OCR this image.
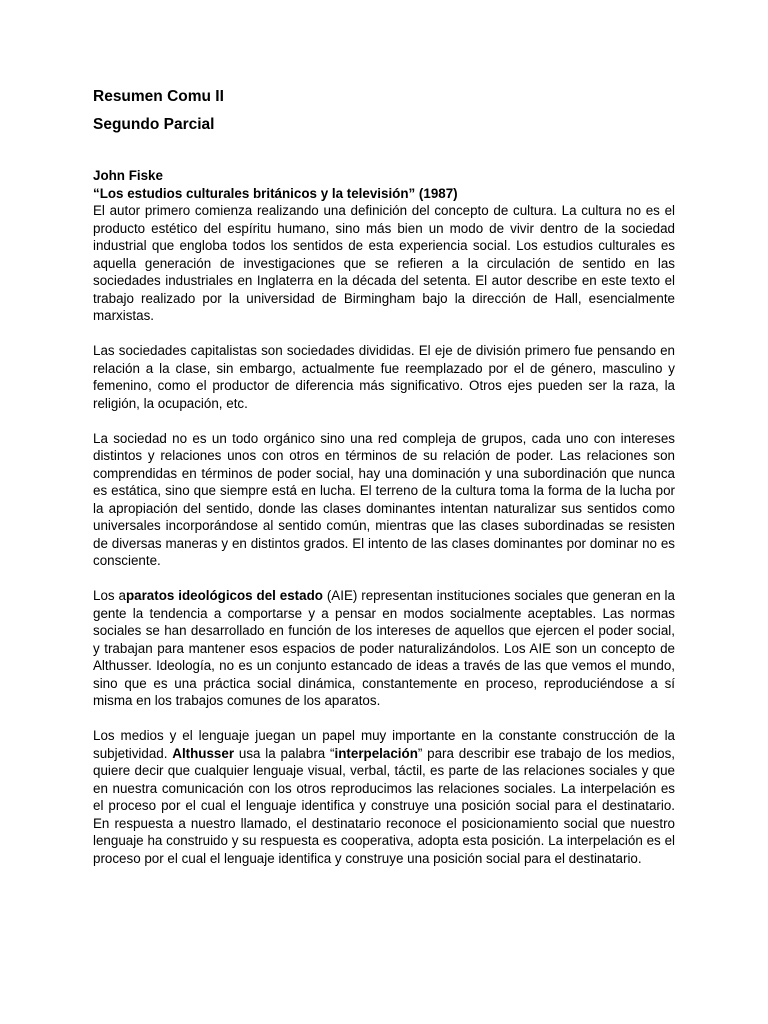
Resumen Comu II
Segundo Parcial

John Fiske

“Los estudios culturales británicos y la televisión” (1987)

El autor primero comienza realizando una definición del concepto de cultura. La cultura no es el producto estético del espíritu humano, sino más bien un modo de vivir dentro de la sociedad industrial que engloba todos los sentidos de esta experiencia social. Los estudios culturales es aquella generación de investigaciones que se refieren a la circulación de sentido en las sociedades industriales en Inglaterra en la década del setenta. El autor describe en este texto el trabajo realizado por la universidad de Birmingham bajo la dirección de Hall, esencialmente marxistas.

Las sociedades capitalistas son sociedades divididas. El eje de división primero fue pensando en relación a la clase, sin embargo, actualmente fue reemplazado por el de género, masculino y femenino, como el productor de diferencia más significativo. Otros ejes pueden ser la raza, la religión, la ocupación, etc.

La sociedad no es un todo orgánico sino una red compleja de grupos, cada uno con intereses distintos y relaciones unos con otros en términos de su relación de poder. Las relaciones son comprendidas en términos de poder social, hay una dominación y una subordinación que nunca es estática, sino que siempre está en lucha. El terreno de la cultura toma la forma de la lucha por la apropiación del sentido, donde las clases dominantes intentan naturalizar sus sentidos como universales incorporándose al sentido común, mientras que las clases subordinadas se resisten de diversas maneras y en distintos grados. El intento de las clases dominantes por dominar no es consciente.

Los aparatos ideológicos del estado (AIE) representan instituciones sociales que generan en la gente la tendencia a comportarse y a pensar en modos socialmente aceptables. Las normas sociales se han desarrollado en función de los intereses de aquellos que ejercen el poder social, y trabajan para mantener esos espacios de poder naturalizándolos. Los AIE son un concepto de Althusser. Ideología, no es un conjunto estancado de ideas a través de las que vemos el mundo, sino que es una práctica social dinámica, constantemente en proceso, reproduciéndose a sí misma en los trabajos comunes de los aparatos.

Los medios y el lenguaje juegan un papel muy importante en la constante construcción de la subjetividad. Althusser usa la palabra “interpelación” para describir ese trabajo de los medios, quiere decir que cualquier lenguaje visual, verbal, táctil, es parte de las relaciones sociales y que en nuestra comunicación con los otros reproducimos las relaciones sociales. La interpelación es el proceso por el cual el lenguaje identifica y construye una posición social para el destinatario. En respuesta a nuestro llamado, el destinatario reconoce el posicionamiento social que nuestro lenguaje ha construido y su respuesta es cooperativa, adopta esta posición. La interpelación es el proceso por el cual el lenguaje identifica y construye una posición social para el destinatario.
